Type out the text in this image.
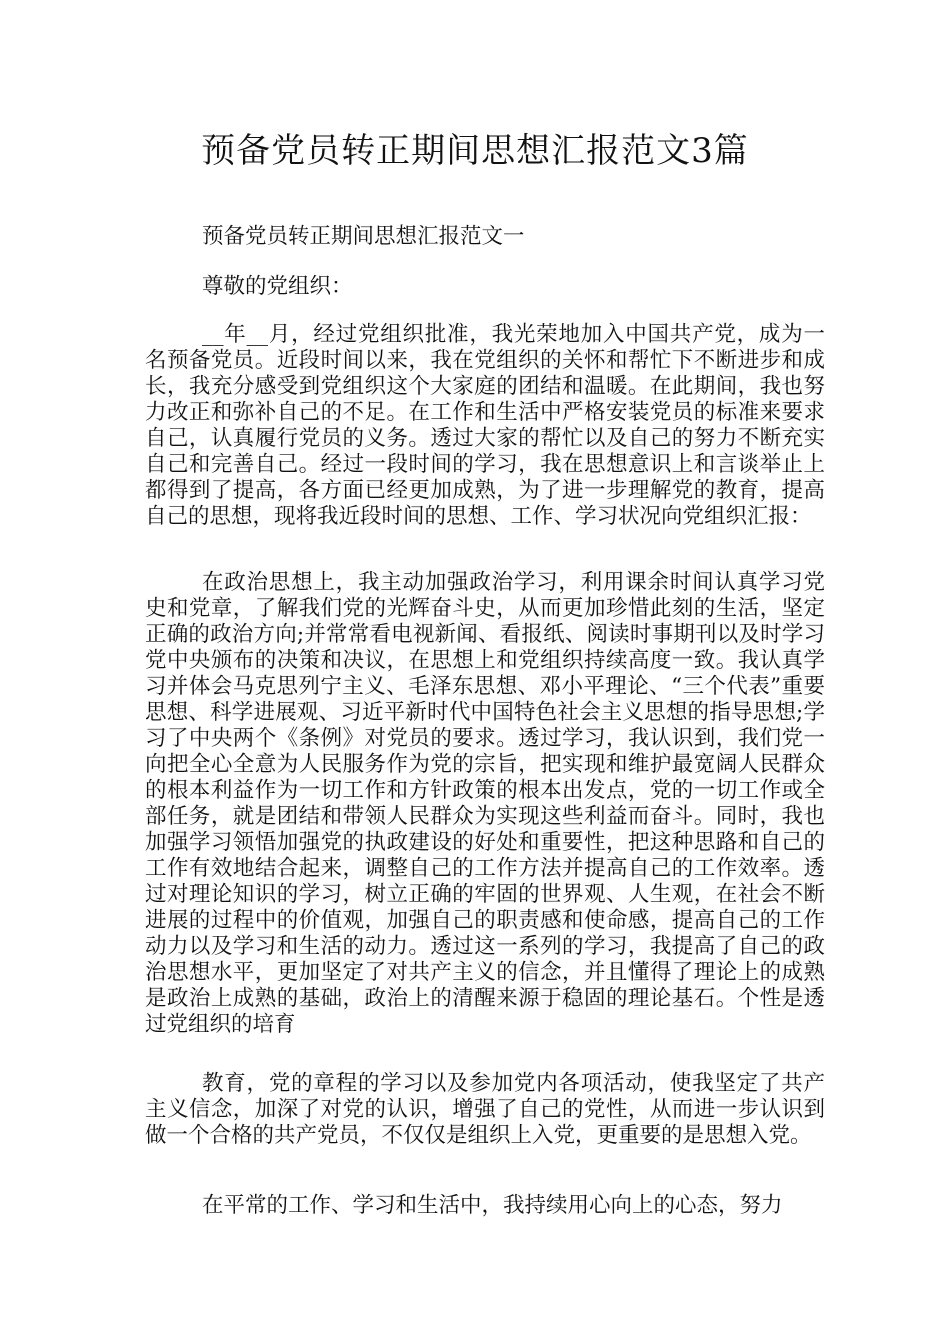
预备党员转正期间思想汇报范文3篇

预备党员转正期间思想汇报范文一

尊敬的党组织：

__年__月，经过党组织批准，我光荣地加入中国共产党，成为一名预备党员。近段时间以来，我在党组织的关怀和帮忙下不断进步和成长，我充分感受到党组织这个大家庭的团结和温暖。在此期间，我也努力改正和弥补自己的不足。在工作和生活中严格安装党员的标准来要求自己，认真履行党员的义务。透过大家的帮忙以及自己的努力不断充实自己和完善自己。经过一段时间的学习，我在思想意识上和言谈举止上都得到了提高，各方面已经更加成熟，为了进一步理解党的教育，提高自己的思想，现将我近段时间的思想、工作、学习状况向党组织汇报：

在政治思想上，我主动加强政治学习，利用课余时间认真学习党史和党章，了解我们党的光辉奋斗史，从而更加珍惜此刻的生活，坚定正确的政治方向;并常常看电视新闻、看报纸、阅读时事期刊以及时学习党中央颁布的决策和决议，在思想上和党组织持续高度一致。我认真学习并体会马克思列宁主义、毛泽东思想、邓小平理论、“三个代表”重要思想、科学进展观、习近平新时代中国特色社会主义思想的指导思想;学习了中央两个《条例》对党员的要求。透过学习，我认识到，我们党一向把全心全意为人民服务作为党的宗旨，把实现和维护最宽阔人民群众的根本利益作为一切工作和方针政策的根本出发点，党的一切工作或全部任务，就是团结和带领人民群众为实现这些利益而奋斗。同时，我也加强学习领悟加强党的执政建设的好处和重要性，把这种思路和自己的工作有效地结合起来，调整自己的工作方法并提高自己的工作效率。透过对理论知识的学习，树立正确的牢固的世界观、人生观，在社会不断进展的过程中的价值观，加强自己的职责感和使命感，提高自己的工作动力以及学习和生活的动力。透过这一系列的学习，我提高了自己的政治思想水平，更加坚定了对共产主义的信念，并且懂得了理论上的成熟是政治上成熟的基础，政治上的清醒来源于稳固的理论基石。个性是透过党组织的培育

教育，党的章程的学习以及参加党内各项活动，使我坚定了共产主义信念，加深了对党的认识，增强了自己的党性，从而进一步认识到做一个合格的共产党员，不仅仅是组织上入党，更重要的是思想入党。

在平常的工作、学习和生活中，我持续用心向上的心态，努力
